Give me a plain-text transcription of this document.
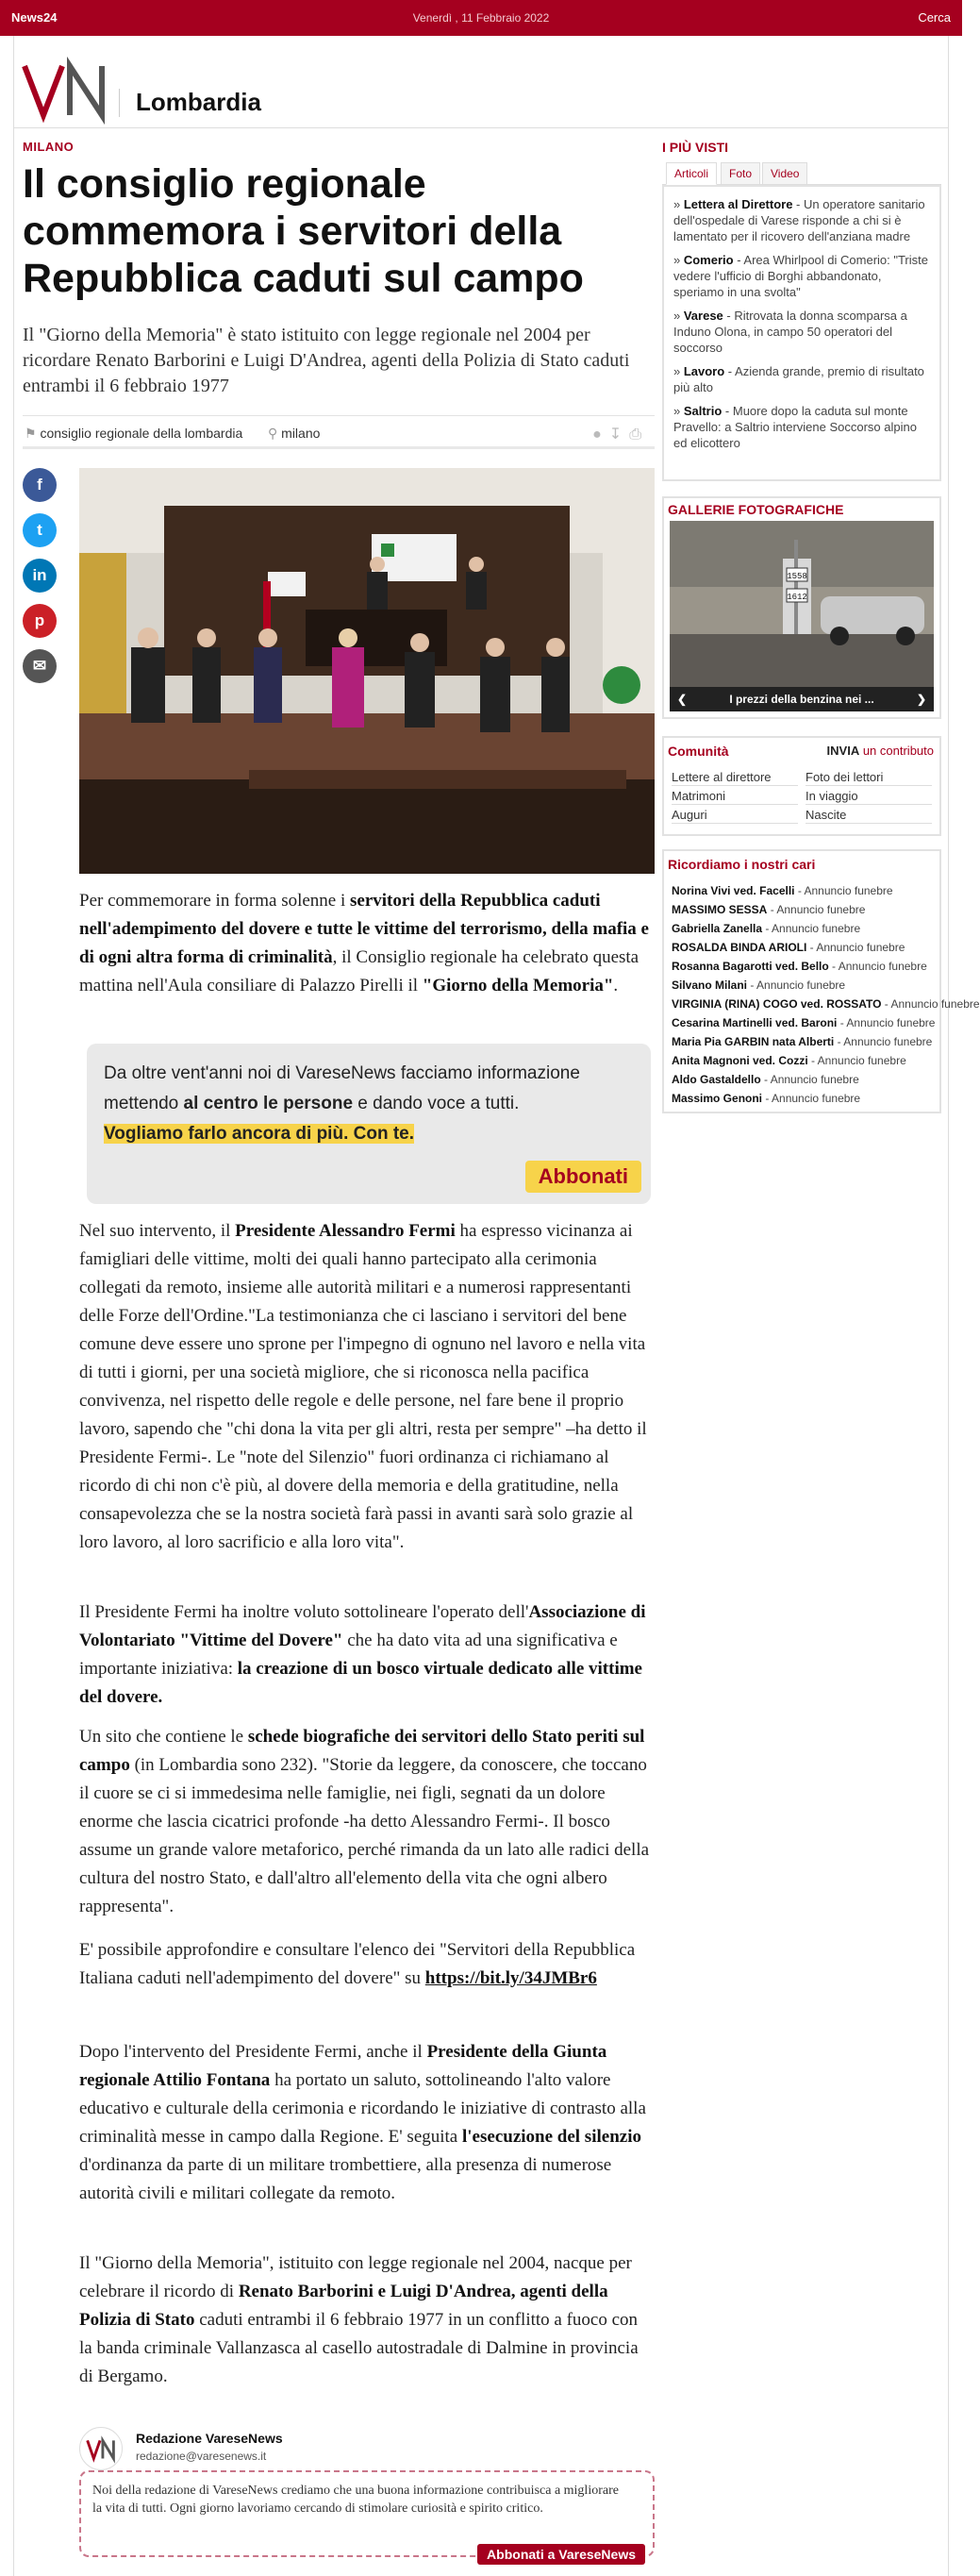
News24	Venerdì , 11 Febbraio 2022	Cerca
Lombardia
MILANO
Il consiglio regionale commemora i servitori della Repubblica caduti sul campo

Il "Giorno della Memoria" è stato istituito con legge regionale nel 2004 per ricordare Renato Barborini e Luigi D'Andrea, agenti della Polizia di Stato caduti entrambi il 6 febbraio 1977

⚑ consiglio regionale della lombardia ⚲ milano	●↧⎙
f
t
in
p
✉

Per commemorare in forma solenne i servitori della Repubblica caduti nell'adempimento del dovere e tutte le vittime del terrorismo, della mafia e di ogni altra forma di criminalità, il Consiglio regionale ha celebrato questa mattina nell'Aula consiliare di Palazzo Pirelli il "Giorno della Memoria".

Da oltre vent'anni noi di VareseNews facciamo informazione mettendo al centro le persone e dando voce a tutti.
Vogliamo farlo ancora di più. Con te.
Abbonati

Nel suo intervento, il Presidente Alessandro Fermi ha espresso vicinanza ai famigliari delle vittime, molti dei quali hanno partecipato alla cerimonia collegati da remoto, insieme alle autorità militari e a numerosi rappresentanti delle Forze dell'Ordine."La testimonianza che ci lasciano i servitori del bene comune deve essere uno sprone per l'impegno di ognuno nel lavoro e nella vita di tutti i giorni, per una società migliore, che si riconosca nella pacifica convivenza, nel rispetto delle regole e delle persone, nel fare bene il proprio lavoro, sapendo che "chi dona la vita per gli altri, resta per sempre" –ha detto il Presidente Fermi-. Le "note del Silenzio" fuori ordinanza ci richiamano al ricordo di chi non c'è più, al dovere della memoria e della gratitudine, nella consapevolezza che se la nostra società farà passi in avanti sarà solo grazie al loro lavoro, al loro sacrificio e alla loro vita".

Il Presidente Fermi ha inoltre voluto sottolineare l'operato dell'Associazione di Volontariato "Vittime del Dovere" che ha dato vita ad una significativa e importante iniziativa: la creazione di un bosco virtuale dedicato alle vittime del dovere.

Un sito che contiene le schede biografiche dei servitori dello Stato periti sul campo (in Lombardia sono 232). "Storie da leggere, da conoscere, che toccano il cuore se ci si immedesima nelle famiglie, nei figli, segnati da un dolore enorme che lascia cicatrici profonde -ha detto Alessandro Fermi-. Il bosco assume un grande valore metaforico, perché rimanda da un lato alle radici della cultura del nostro Stato, e dall'altro all'elemento della vita che ogni albero rappresenta".

E' possibile approfondire e consultare l'elenco dei "Servitori della Repubblica Italiana caduti nell'adempimento del dovere" su https://bit.ly/34JMBr6

Dopo l'intervento del Presidente Fermi, anche il Presidente della Giunta regionale Attilio Fontana ha portato un saluto, sottolineando l'alto valore educativo e culturale della cerimonia e ricordando le iniziative di contrasto alla criminalità messe in campo dalla Regione. E' seguita l'esecuzione del silenzio d'ordinanza da parte di un militare trombettiere, alla presenza di numerose autorità civili e militari collegate da remoto.

Il "Giorno della Memoria", istituito con legge regionale nel 2004, nacque per celebrare il ricordo di Renato Barborini e Luigi D'Andrea, agenti della Polizia di Stato caduti entrambi il 6 febbraio 1977 in un conflitto a fuoco con la banda criminale Vallanzasca al casello autostradale di Dalmine in provincia di Bergamo.

Redazione VareseNews
redazione@varesenews.it
Noi della redazione di VareseNews crediamo che una buona informazione contribuisca a migliorare la vita di tutti. Ogni giorno lavoriamo cercando di stimolare curiosità e spirito critico.
Abbonati a VareseNews
I PIÙ VISTI
Articoli	Foto	Video

» Lettera al Direttore - Un operatore sanitario dell'ospedale di Varese risponde a chi si è lamentato per il ricovero dell'anziana madre

» Comerio - Area Whirlpool di Comerio: "Triste vedere l'ufficio di Borghi abbandonato, speriamo in una svolta"

» Varese - Ritrovata la donna scomparsa a Induno Olona, in campo 50 operatori del soccorso

» Lavoro - Azienda grande, premio di risultato più alto

» Saltrio - Muore dopo la caduta sul monte Pravello: a Saltrio interviene Soccorso alpino ed elicottero

GALLERIE FOTOGRAFICHE
1558
1612
❮	I prezzi della benzina nei ...	❯
Comunità	INVIA un contributo
Lettere al direttore	Foto dei lettori
Matrimoni	In viaggio
Auguri	Nascite
Ricordiamo i nostri cari
Norina Vivi ved. Facelli - Annuncio funebre
MASSIMO SESSA - Annuncio funebre
Gabriella Zanella - Annuncio funebre
ROSALDA BINDA ARIOLI - Annuncio funebre
Rosanna Bagarotti ved. Bello - Annuncio funebre
Silvano Milani - Annuncio funebre
VIRGINIA (RINA) COGO ved. ROSSATO - Annuncio funebre
Cesarina Martinelli ved. Baroni - Annuncio funebre
Maria Pia GARBIN nata Alberti - Annuncio funebre
Anita Magnoni ved. Cozzi - Annuncio funebre
Aldo Gastaldello - Annuncio funebre
Massimo Genoni - Annuncio funebre
